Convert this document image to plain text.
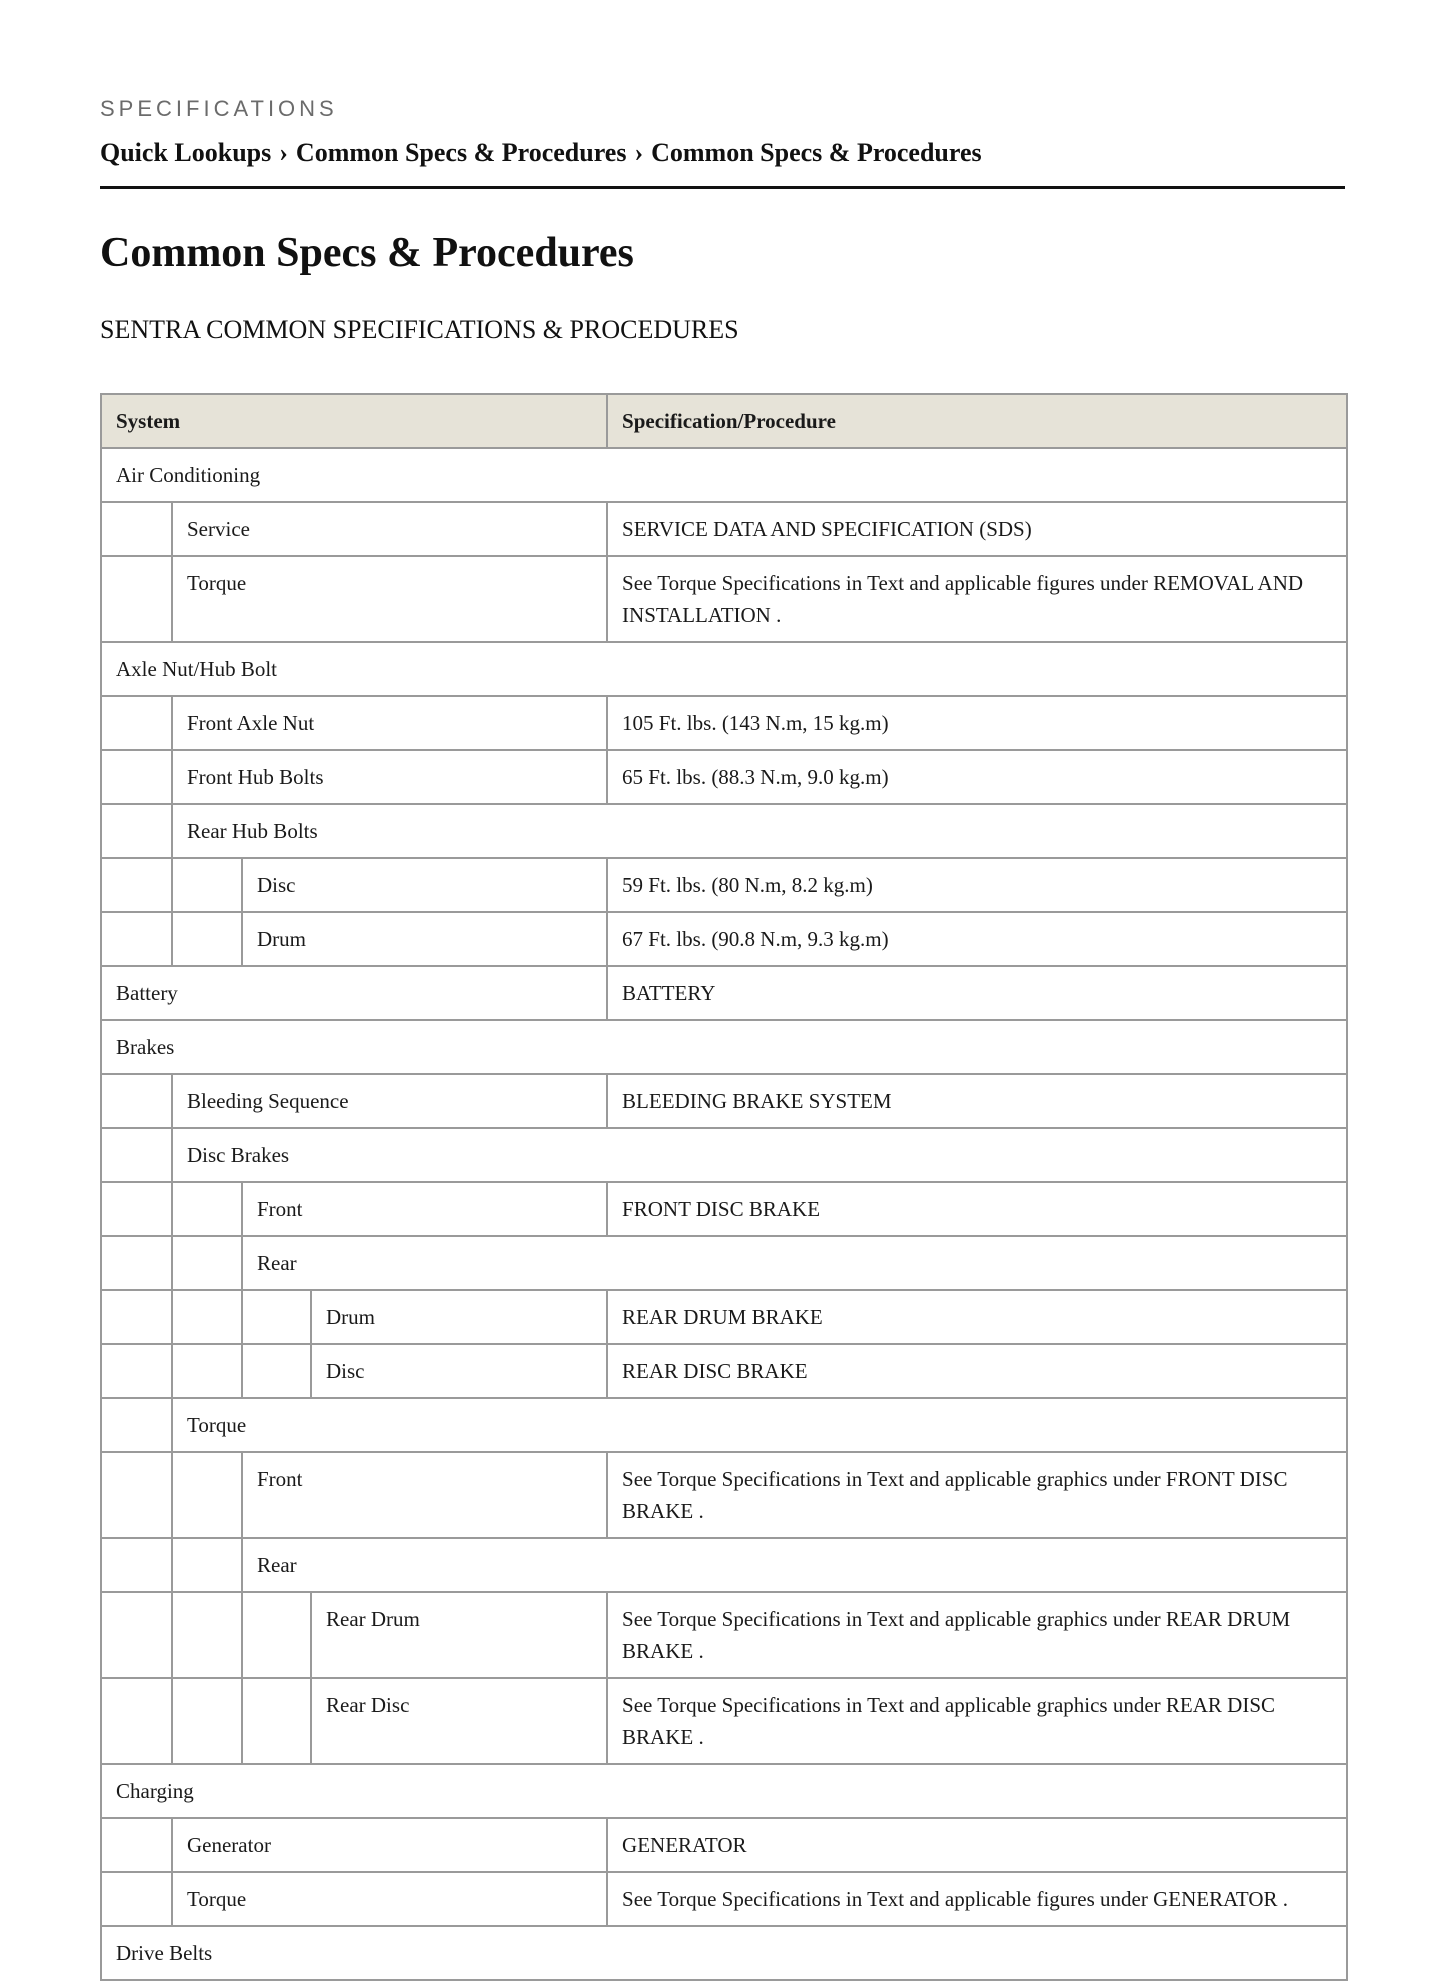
SPECIFICATIONS
Quick Lookups › Common Specs & Procedures › Common Specs & Procedures
Common Specs & Procedures
SENTRA COMMON SPECIFICATIONS & PROCEDURES
System				Specification/Procedure
Air Conditioning				
	Service			SERVICE DATA AND SPECIFICATION (SDS)
	Torque			See Torque Specifications in Text and applicable figures under REMOVAL AND INSTALLATION .
Axle Nut/Hub Bolt				
	Front Axle Nut			105 Ft. lbs. (143 N.m, 15 kg.m)
	Front Hub Bolts			65 Ft. lbs. (88.3 N.m, 9.0 kg.m)
	Rear Hub Bolts			
		Disc		59 Ft. lbs. (80 N.m, 8.2 kg.m)
		Drum		67 Ft. lbs. (90.8 N.m, 9.3 kg.m)
Battery				BATTERY
Brakes				
	Bleeding Sequence			BLEEDING BRAKE SYSTEM
	Disc Brakes			
		Front		FRONT DISC BRAKE
		Rear		
			Drum	REAR DRUM BRAKE
			Disc	REAR DISC BRAKE
	Torque			
		Front		See Torque Specifications in Text and applicable graphics under FRONT DISC BRAKE .
		Rear		
			Rear Drum	See Torque Specifications in Text and applicable graphics under REAR DRUM BRAKE .
			Rear Disc	See Torque Specifications in Text and applicable graphics under REAR DISC BRAKE .
Charging				
	Generator			GENERATOR
	Torque			See Torque Specifications in Text and applicable figures under GENERATOR .
Drive Belts				
